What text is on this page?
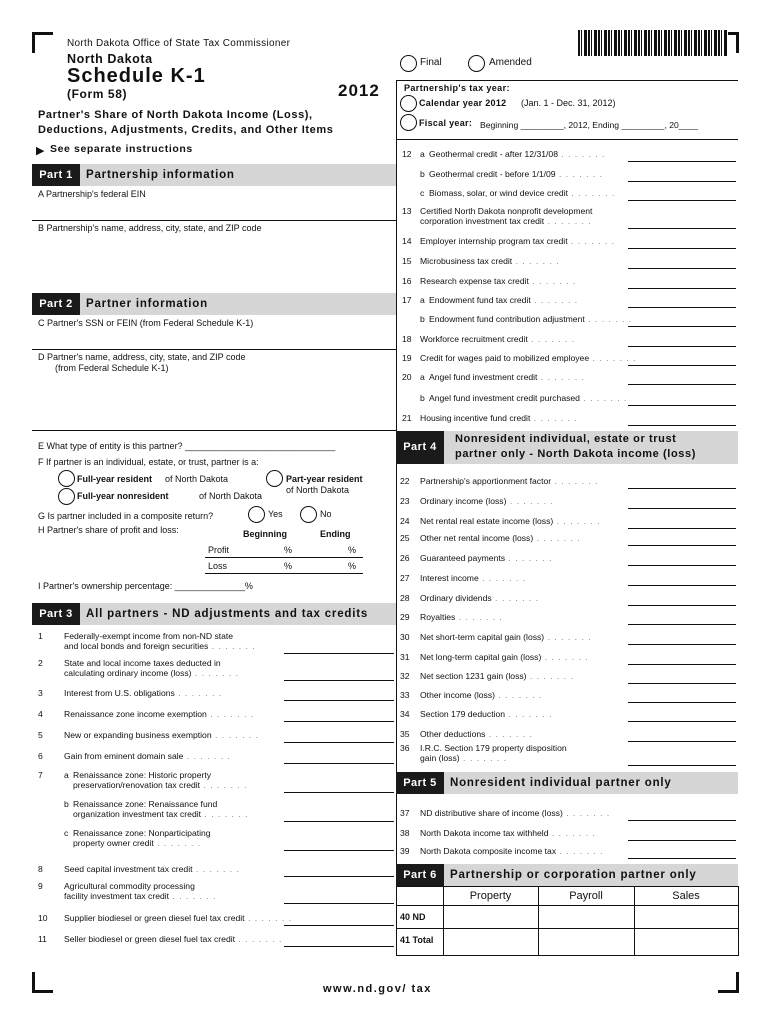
North Dakota Office of State Tax Commissioner
North Dakota
Schedule K-1
(Form 58)	2012
Partner's Share of North Dakota Income (Loss),
Deductions, Adjustments, Credits, and Other Items
▶ See separate instructions
Final	Amended
Partnership's tax year:
Calendar year 2012 (Jan. 1 - Dec. 31, 2012)
Fiscal year: Beginning _________, 2012, Ending _________, 20____
Part 1	Partnership information
A Partnership's federal EIN
B Partnership's name, address, city, state, and ZIP code
Part 2	Partner information
C Partner's SSN or FEIN (from Federal Schedule K-1)
D Partner's name, address, city, state, and ZIP code
(from Federal Schedule K-1)
E What type of entity is this partner? ______________________________
F If partner is an individual, estate, or trust, partner is a:
Full-year resident of North Dakota
Full-year nonresident	of North Dakota
Part-year resident
of North Dakota
G Is partner included in a composite return?	Yes	No
H Partner's share of profit and loss:	Beginning	Ending
Profit	%	%
Loss	%	%
I Partner's ownership percentage: ______________%
Part 3	All partners - ND adjustments and tax credits
1 Federally-exempt income from non-ND state
and local bonds and foreign securities . . . . . . .
2 State and local income taxes deducted in
calculating ordinary income (loss) . . . . . . .
3 Interest from U.S. obligations . . . . . . .
4 Renaissance zone income exemption . . . . . . .
5 New or expanding business exemption . . . . . . .
6 Gain from eminent domain sale . . . . . . .
7 a Renaissance zone: Historic property
preservation/renovation tax credit . . . . . . .
b Renaissance zone: Renaissance fund
organization investment tax credit . . . . . . .
c Renaissance zone: Nonparticipating
property owner credit . . . . . . .
8 Seed capital investment tax credit . . . . . . .
9 Agricultural commodity processing
facility investment tax credit . . . . . . .
10 Supplier biodiesel or green diesel fuel tax credit . . . . . . .
11 Seller biodiesel or green diesel fuel tax credit . . . . . . .
12 a Geothermal credit - after 12/31/08 . . . . . . .
b Geothermal credit - before 1/1/09 . . . . . . .
c Biomass, solar, or wind device credit . . . . . . .
13 Certified North Dakota nonprofit development
corporation investment tax credit . . . . . . .
14 Employer internship program tax credit . . . . . . .
15 Microbusiness tax credit . . . . . . .
16 Research expense tax credit . . . . . . .
17 a Endowment fund tax credit . . . . . . .
b Endowment fund contribution adjustment . . . . . . .
18 Workforce recruitment credit . . . . . . .
19 Credit for wages paid to mobilized employee . . . . . . .
20 a Angel fund investment credit . . . . . . .
b Angel fund investment credit purchased . . . . . . .
21 Housing incentive fund credit . . . . . . .
Part 4
Nonresident individual, estate or trust
partner only - North Dakota income (loss)
22 Partnership's apportionment factor . . . . . . .
23 Ordinary income (loss) . . . . . . .
24 Net rental real estate income (loss) . . . . . . .
25 Other net rental income (loss) . . . . . . .
26 Guaranteed payments . . . . . . .
27 Interest income . . . . . . .
28 Ordinary dividends . . . . . . .
29 Royalties . . . . . . .
30 Net short-term capital gain (loss) . . . . . . .
31 Net long-term capital gain (loss) . . . . . . .
32 Net section 1231 gain (loss) . . . . . . .
33 Other income (loss) . . . . . . .
34 Section 179 deduction . . . . . . .
35 Other deductions . . . . . . .
36 I.R.C. Section 179 property disposition
gain (loss) . . . . . . .
Part 5	Nonresident individual partner only
37 ND distributive share of income (loss) . . . . . . .
38 North Dakota income tax withheld . . . . . . .
39 North Dakota composite income tax . . . . . . .
Part 6	Partnership or corporation partner only
Property	Payroll	Sales
40 ND
41 Total
www.nd.gov/ tax
